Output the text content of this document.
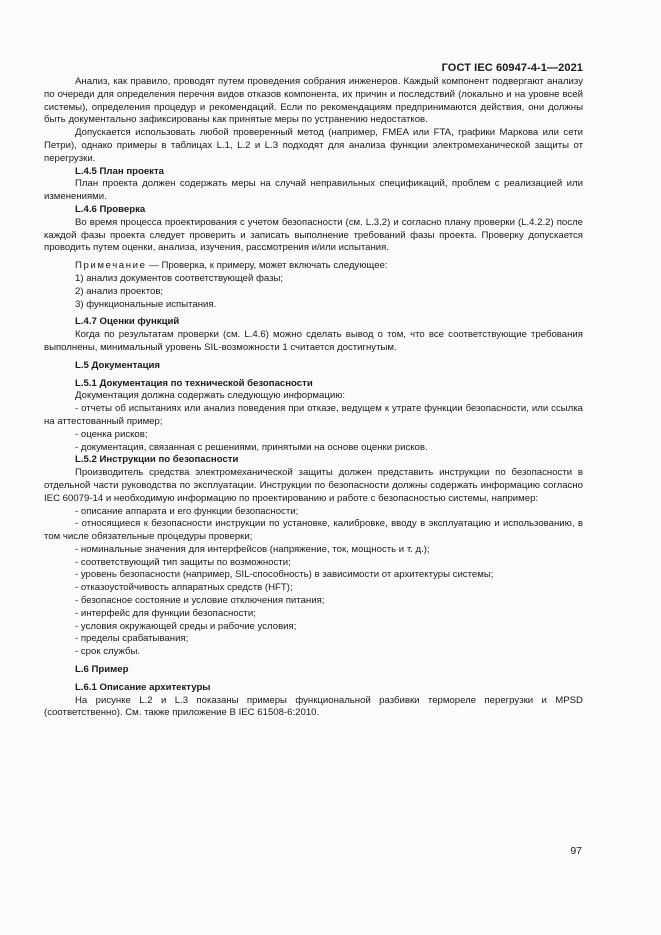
ГОСТ IEC 60947-4-1—2021

Анализ, как правило, проводят путем проведения собрания инженеров. Каждый компонент подвергают анализу по очереди для определения перечня видов отказов компонента, их причин и последствий (локально и на уровне всей системы), определения процедур и рекомендаций. Если по рекомендациям предпринимаются действия, они должны быть документально зафиксированы как принятые меры по устранению недостатков.

Допускается использовать любой проверенный метод (например, FMEA или FTA, графики Маркова или сети Петри), однако примеры в таблицах L.1, L.2 и L.3 подходят для анализа функции электромеханической защиты от перегрузки.

L.4.5 План проекта

План проекта должен содержать меры на случай неправильных спецификаций, проблем с реализацией или изменениями.

L.4.6 Проверка

Во время процесса проектирования с учетом безопасности (см. L.3.2) и согласно плану проверки (L.4.2.2) после каждой фазы проекта следует проверить и записать выполнение требований фазы проекта. Проверку допускается проводить путем оценки, анализа, изучения, рассмотрения и/или испытания.

Примечание — Проверка, к примеру, может включать следующее:

1) анализ документов соответствующей фазы;

2) анализ проектов;

3) функциональные испытания.

L.4.7 Оценки функций

Когда по результатам проверки (см. L.4.6) можно сделать вывод о том, что все соответствующие требования выполнены, минимальный уровень SIL-возможности 1 считается достигнутым.

L.5 Документация

L.5.1 Документация по технической безопасности

Документация должна содержать следующую информацию:

- отчеты об испытаниях или анализ поведения при отказе, ведущем к утрате функции безопасности, или ссылка на аттестованный пример;

- оценка рисков;

- документация, связанная с решениями, принятыми на основе оценки рисков.

L.5.2 Инструкции по безопасности

Производитель средства электромеханической защиты должен представить инструкции по безопасности в отдельной части руководства по эксплуатации. Инструкции по безопасности должны содержать информацию согласно IEC 60079-14 и необходимую информацию по проектированию и работе с безопасностью системы, например:

- описание аппарата и его функции безопасности;

- относящиеся к безопасности инструкции по установке, калибровке, вводу в эксплуатацию и использованию, в том числе обязательные процедуры проверки;

- номинальные значения для интерфейсов (напряжение, ток, мощность и т. д.);

- соответствующий тип защиты по возможности;

- уровень безопасности (например, SIL-способность) в зависимости от архитектуры системы;

- отказоустойчивость аппаратных средств (HFT);

- безопасное состояние и условие отключения питания;

- интерфейс для функции безопасности;

- условия окружающей среды и рабочие условия;

- пределы срабатывания;

- срок службы.

L.6 Пример

L.6.1 Описание архитектуры

На рисунке L.2 и L.3 показаны примеры функциональной разбивки термореле перегрузки и MPSD (соответственно). См. также приложение В IEC 61508-6:2010.

97
